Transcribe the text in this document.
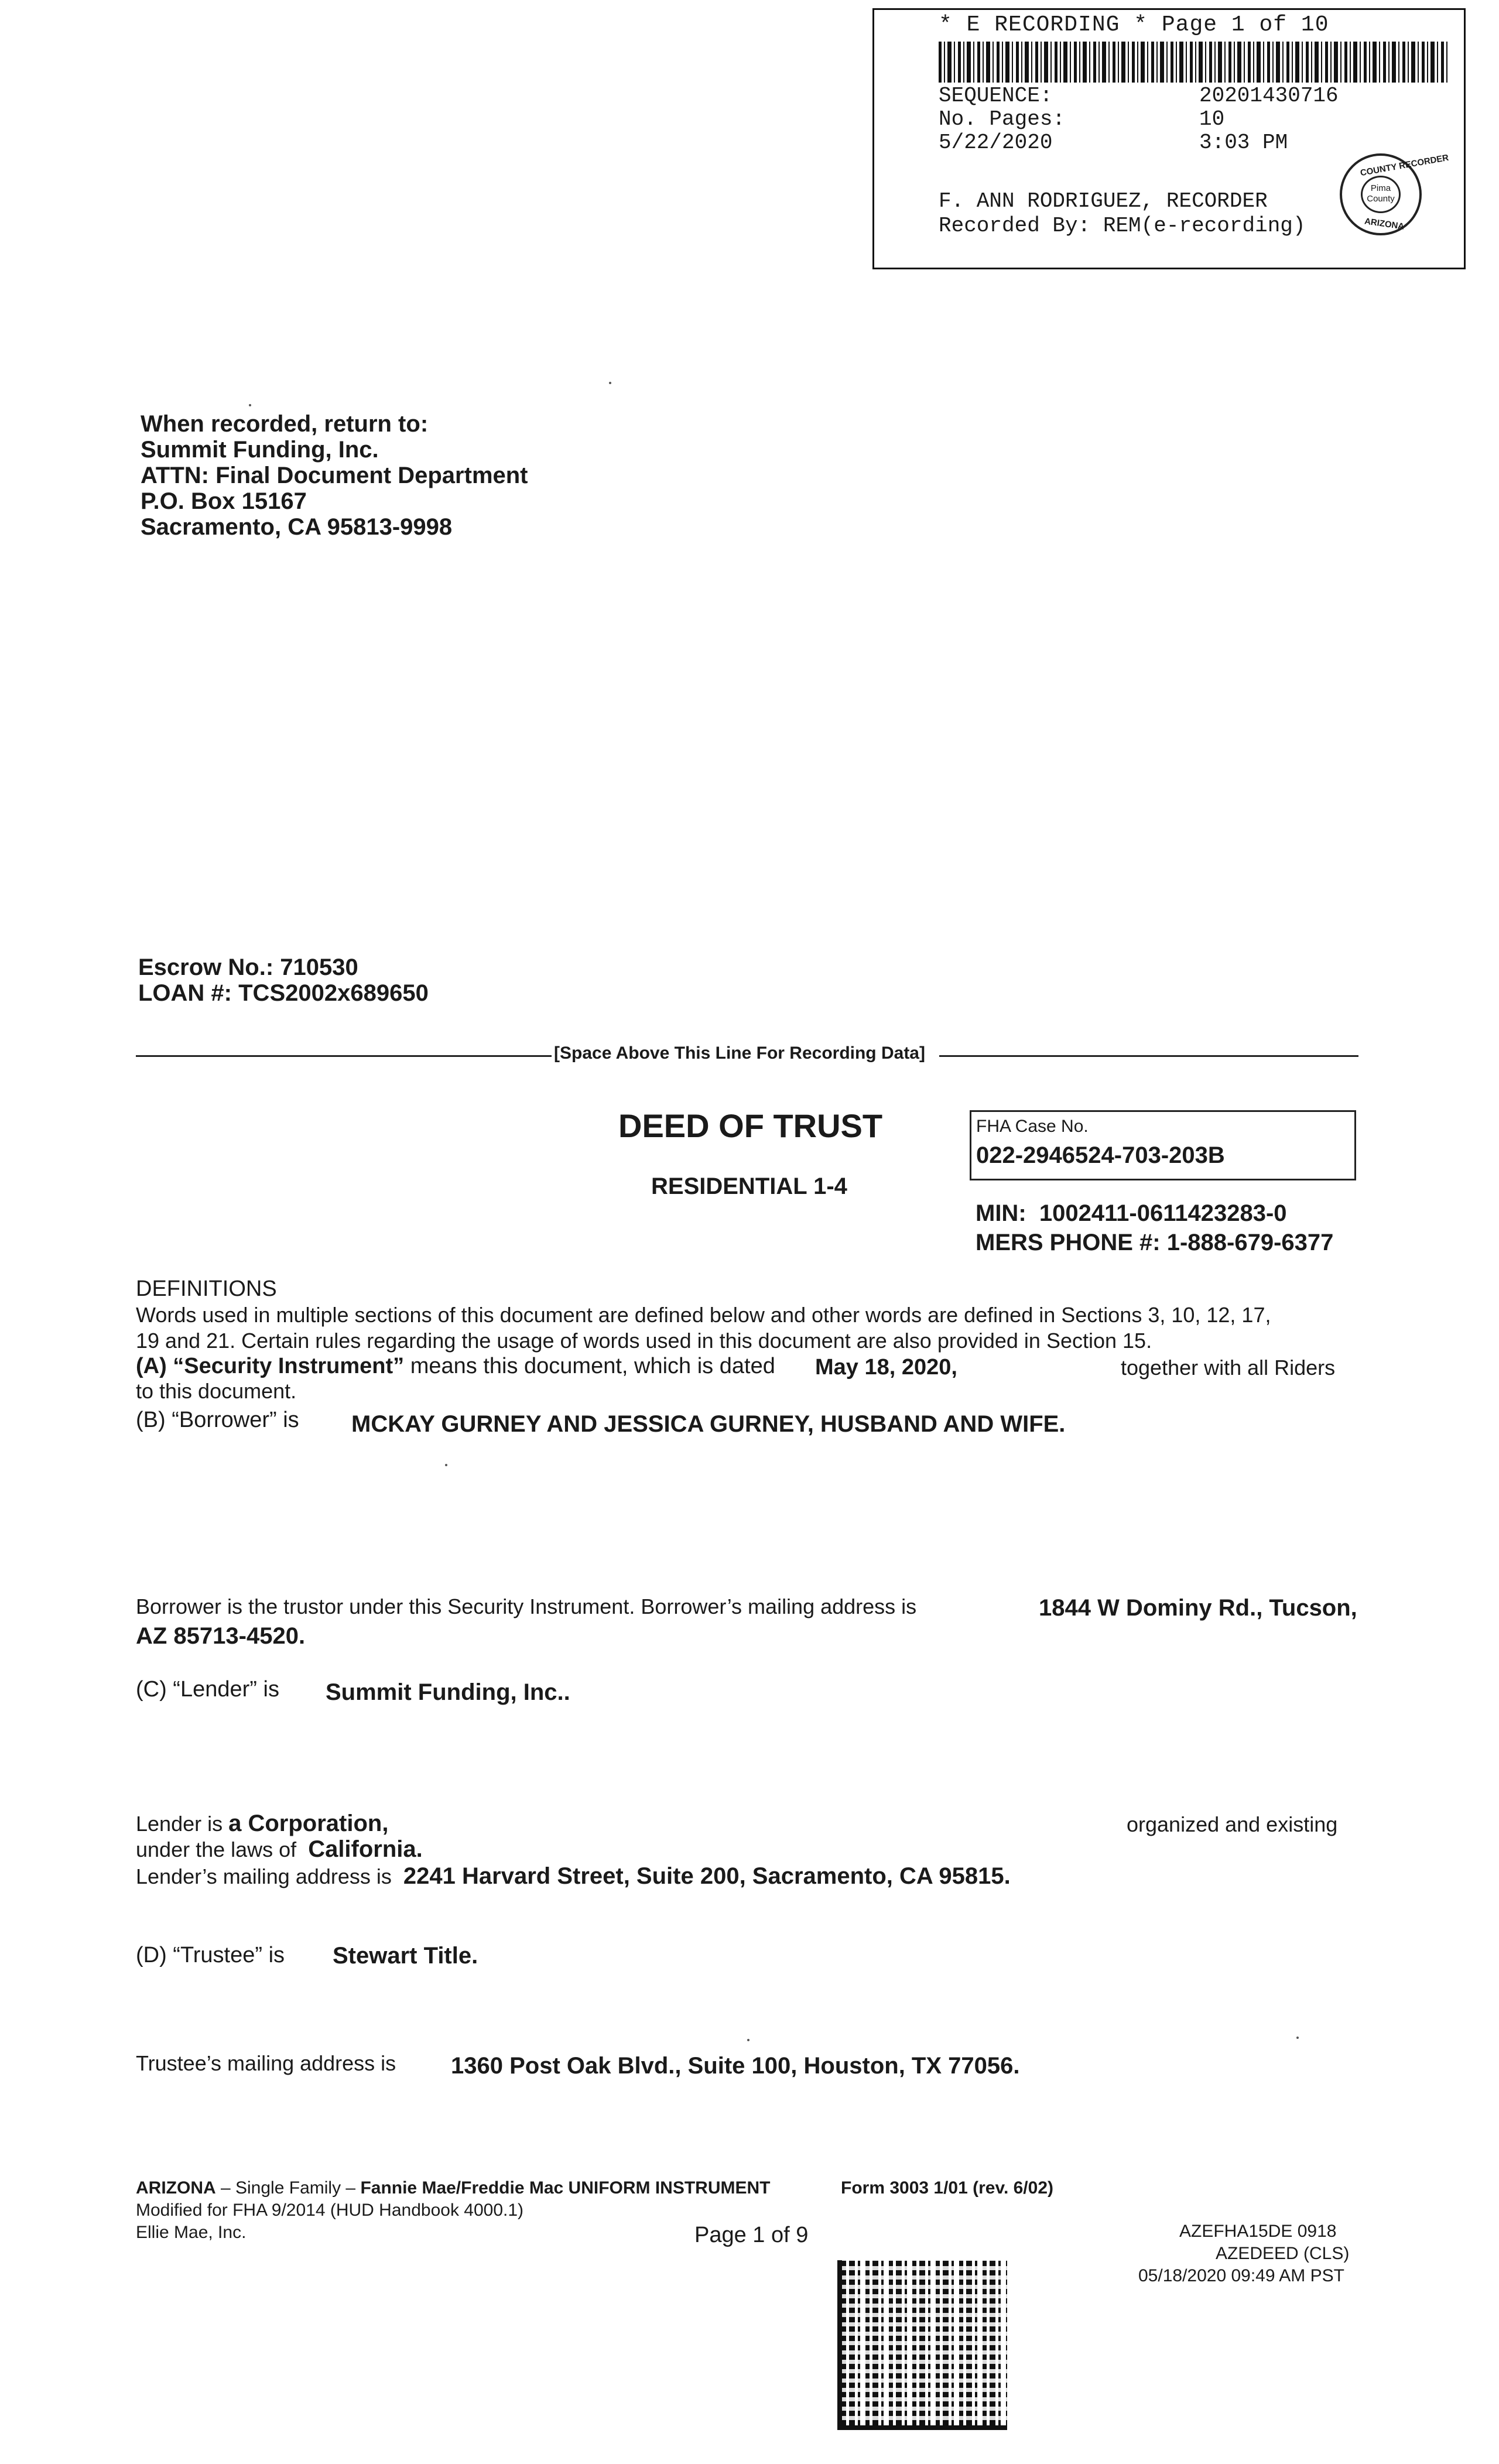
* E RECORDING * Page 1 of 10
SEQUENCE:	20201430716
No. Pages:	10
5/22/2020	3:03 PM
F. ANN RODRIGUEZ, RECORDER
Recorded By: REM(e-recording)
COUNTY RECORDER
Pima
County
ARIZONA
When recorded, return to:
Summit Funding, Inc.
ATTN: Final Document Department
P.O. Box 15167
Sacramento, CA 95813-9998
Escrow No.: 710530
LOAN #: TCS2002x689650
[Space Above This Line For Recording Data]
DEED OF TRUST
RESIDENTIAL 1-4
FHA Case No.
022-2946524-703-203B
MIN: 1002411-0611423283-0
MERS PHONE #: 1-888-679-6377
DEFINITIONS
Words used in multiple sections of this document are defined below and other words are defined in Sections 3, 10, 12, 17,
19 and 21. Certain rules regarding the usage of words used in this document are also provided in Section 15.
(A) “Security Instrument” means this document, which is dated May 18, 2020,	together with all Riders
to this document.
(B) “Borrower” is MCKAY GURNEY AND JESSICA GURNEY, HUSBAND AND WIFE.
Borrower is the trustor under this Security Instrument. Borrower’s mailing address is	1844 W Dominy Rd., Tucson,
AZ 85713-4520.
(C) “Lender” is Summit Funding, Inc..
Lender is a Corporation,	organized and existing
under the laws of California.
Lender’s mailing address is 2241 Harvard Street, Suite 200, Sacramento, CA 95815.
(D) “Trustee” is Stewart Title.
Trustee’s mailing address is 1360 Post Oak Blvd., Suite 100, Houston, TX 77056.
ARIZONA – Single Family – Fannie Mae/Freddie Mac UNIFORM INSTRUMENT	Form 3003 1/01 (rev. 6/02)
Modified for FHA 9/2014 (HUD Handbook 4000.1)
Ellie Mae, Inc.	Page 1 of 9	AZEFHA15DE 0918
AZEDEED (CLS)
05/18/2020 09:49 AM PST
